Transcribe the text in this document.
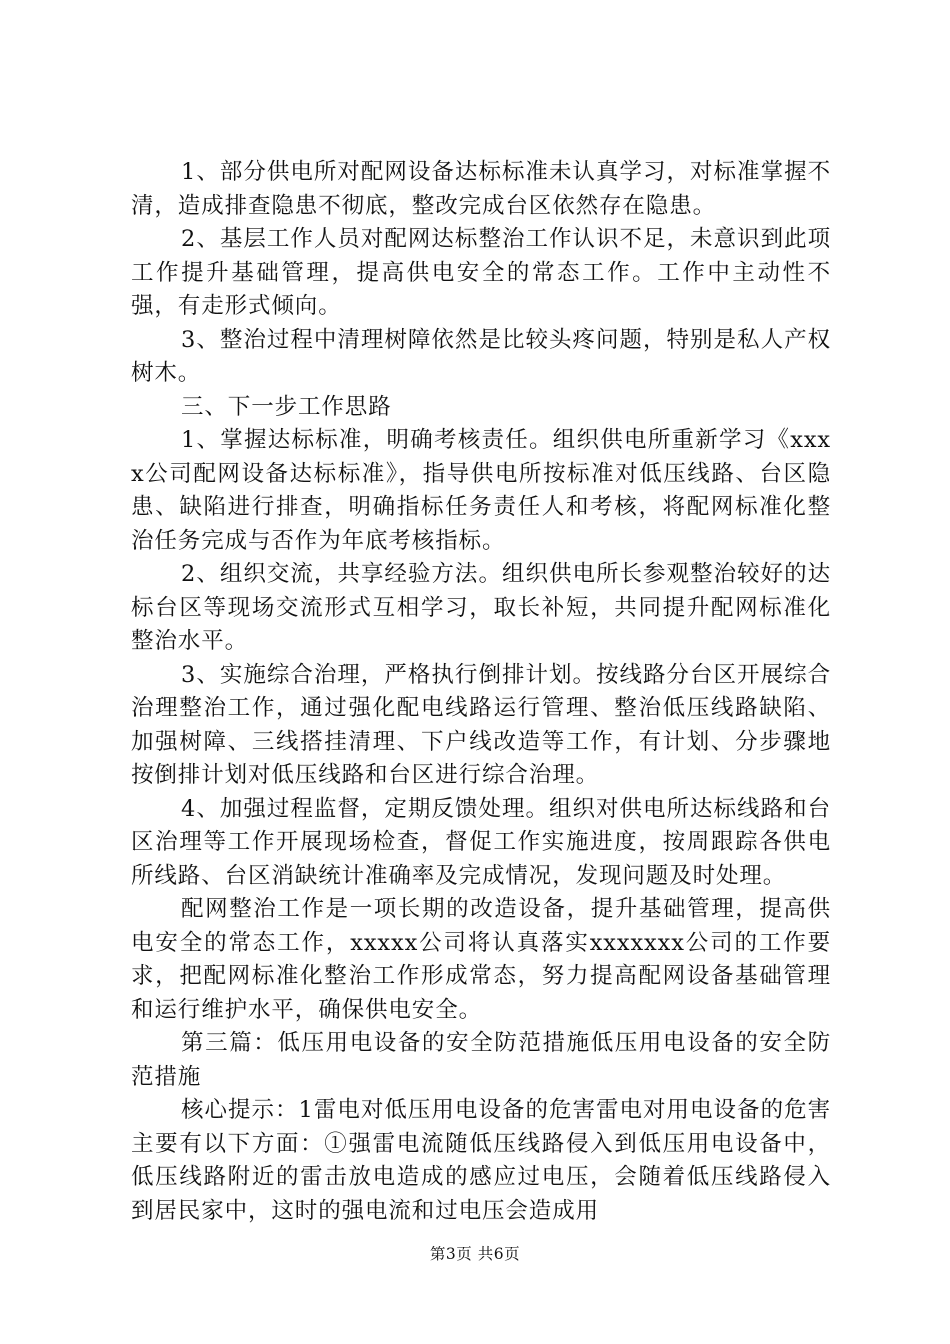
1、部分供电所对配网设备达标标准未认真学习，对标准掌握不清，造成排查隐患不彻底，整改完成台区依然存在隐患。

2、基层工作人员对配网达标整治工作认识不足，未意识到此项工作提升基础管理，提高供电安全的常态工作。工作中主动性不强，有走形式倾向。

3、整治过程中清理树障依然是比较头疼问题，特别是私人产权树木。

三、下一步工作思路

1、掌握达标标准，明确考核责任。组织供电所重新学习《xxxx公司配网设备达标标准》，指导供电所按标准对低压线路、台区隐患、缺陷进行排查，明确指标任务责任人和考核，将配网标准化整治任务完成与否作为年底考核指标。

2、组织交流，共享经验方法。组织供电所长参观整治较好的达标台区等现场交流形式互相学习，取长补短，共同提升配网标准化整治水平。

3、实施综合治理，严格执行倒排计划。按线路分台区开展综合治理整治工作，通过强化配电线路运行管理、整治低压线路缺陷、加强树障、三线搭挂清理、下户线改造等工作，有计划、分步骤地按倒排计划对低压线路和台区进行综合治理。

4、加强过程监督，定期反馈处理。组织对供电所达标线路和台区治理等工作开展现场检查，督促工作实施进度，按周跟踪各供电所线路、台区消缺统计准确率及完成情况，发现问题及时处理。

配网整治工作是一项长期的改造设备，提升基础管理，提高供电安全的常态工作，xxxxx公司将认真落实xxxxxxx公司的工作要求，把配网标准化整治工作形成常态，努力提高配网设备基础管理和运行维护水平，确保供电安全。

第三篇：低压用电设备的安全防范措施低压用电设备的安全防范措施

核心提示：1雷电对低压用电设备的危害雷电对用电设备的危害主要有以下方面：①强雷电流随低压线路侵入到低压用电设备中，低压线路附近的雷击放电造成的感应过电压，会随着低压线路侵入到居民家中，这时的强电流和过电压会造成用

第3页 共6页
